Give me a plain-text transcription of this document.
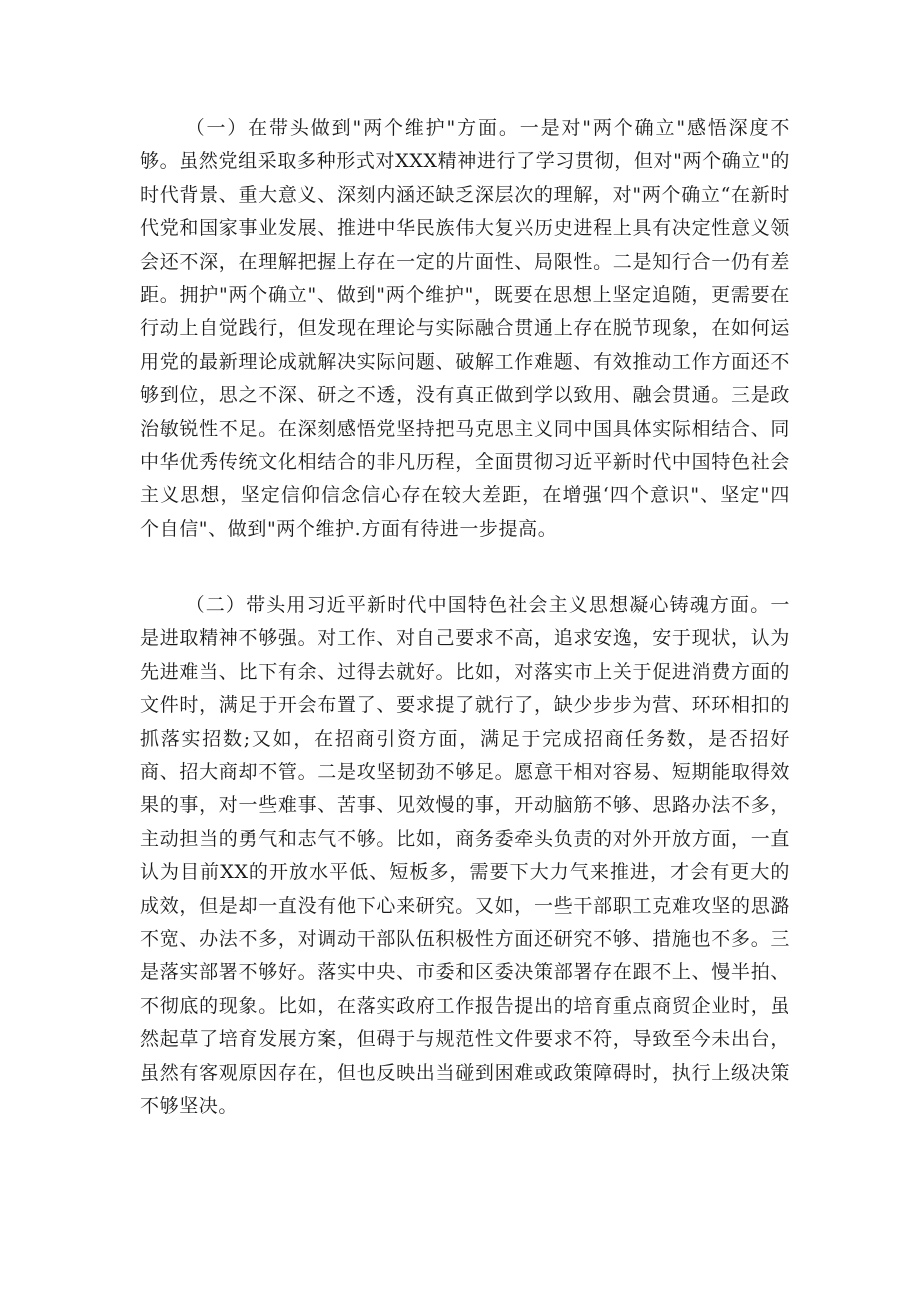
（一）在带头做到"两个维护"方面。一是对"两个确立"感悟深度不够。虽然党组采取多种形式对XXX精神进行了学习贯彻，但对"两个确立"的时代背景、重大意义、深刻内涵还缺乏深层次的理解，对"两个确立“在新时代党和国家事业发展、推进中华民族伟大复兴历史进程上具有决定性意义领会还不深，在理解把握上存在一定的片面性、局限性。二是知行合一仍有差距。拥护"两个确立"、做到"两个维护"，既要在思想上坚定追随，更需要在行动上自觉践行，但发现在理论与实际融合贯通上存在脱节现象，在如何运用党的最新理论成就解决实际问题、破解工作难题、有效推动工作方面还不够到位，思之不深、研之不透，没有真正做到学以致用、融会贯通。三是政治敏锐性不足。在深刻感悟党坚持把马克思主义同中国具体实际相结合、同中华优秀传统文化相结合的非凡历程，全面贯彻习近平新时代中国特色社会主义思想，坚定信仰信念信心存在较大差距，在增强‘四个意识"、坚定"四个自信"、做到"两个维护.方面有待进一步提高。

（二）带头用习近平新时代中国特色社会主义思想凝心铸魂方面。一是进取精神不够强。对工作、对自己要求不高，追求安逸，安于现状，认为先进难当、比下有余、过得去就好。比如，对落实市上关于促进消费方面的文件时，满足于开会布置了、要求提了就行了，缺少步步为营、环环相扣的抓落实招数;又如，在招商引资方面，满足于完成招商任务数，是否招好商、招大商却不管。二是攻坚韧劲不够足。愿意干相对容易、短期能取得效果的事，对一些难事、苦事、见效慢的事，开动脑筋不够、思路办法不多，主动担当的勇气和志气不够。比如，商务委牵头负责的对外开放方面，一直认为目前XX的开放水平低、短板多，需要下大力气来推进，才会有更大的成效，但是却一直没有他下心来研究。又如，一些干部职工克难攻坚的思潞不宽、办法不多，对调动干部队伍积极性方面还研究不够、措施也不多。三是落实部署不够好。落实中央、市委和区委决策部署存在跟不上、慢半拍、不彻底的现象。比如，在落实政府工作报告提出的培育重点商贸企业时，虽然起草了培育发展方案，但碍于与规范性文件要求不符，导致至今未出台，虽然有客观原因存在，但也反映出当碰到困难或政策障碍时，执行上级决策不够坚决。
